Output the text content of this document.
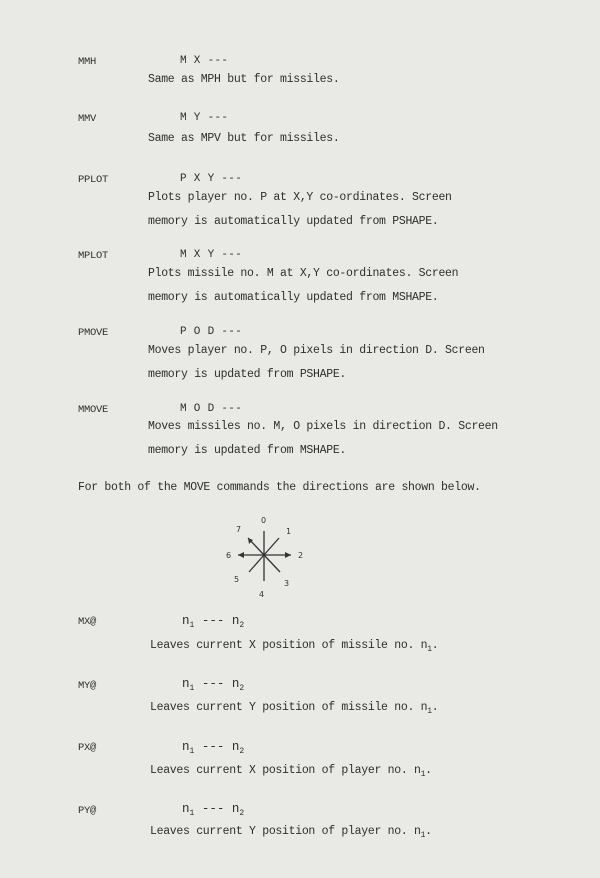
MMH	M X ---
Same as MPH but for missiles.
MMV	M Y ---
Same as MPV but for missiles.
PPLOT	P X Y ---
Plots player no. P at X,Y co-ordinates. Screen
memory is automatically updated from PSHAPE.
MPLOT	M X Y ---
Plots missile no. M at X,Y co-ordinates. Screen
memory is automatically updated from MSHAPE.
PMOVE	P O D ---
Moves player no. P, O pixels in direction D. Screen
memory is updated from PSHAPE.
MMOVE	M O D ---
Moves missiles no. M, O pixels in direction D. Screen
memory is updated from MSHAPE.
For both of the MOVE commands the directions are shown below.
0
1
2
3
4
5
6
7
MX@	$n_1$ --- $n_2$
Leaves current X position of missile no. $n_1$.
MY@	$n_1$ --- $n_2$
Leaves current Y position of missile no. $n_1$.
PX@	$n_1$ --- $n_2$
Leaves current X position of player no. $n_1$.
PY@	$n_1$ --- $n_2$
Leaves current Y position of player no. $n_1$.
